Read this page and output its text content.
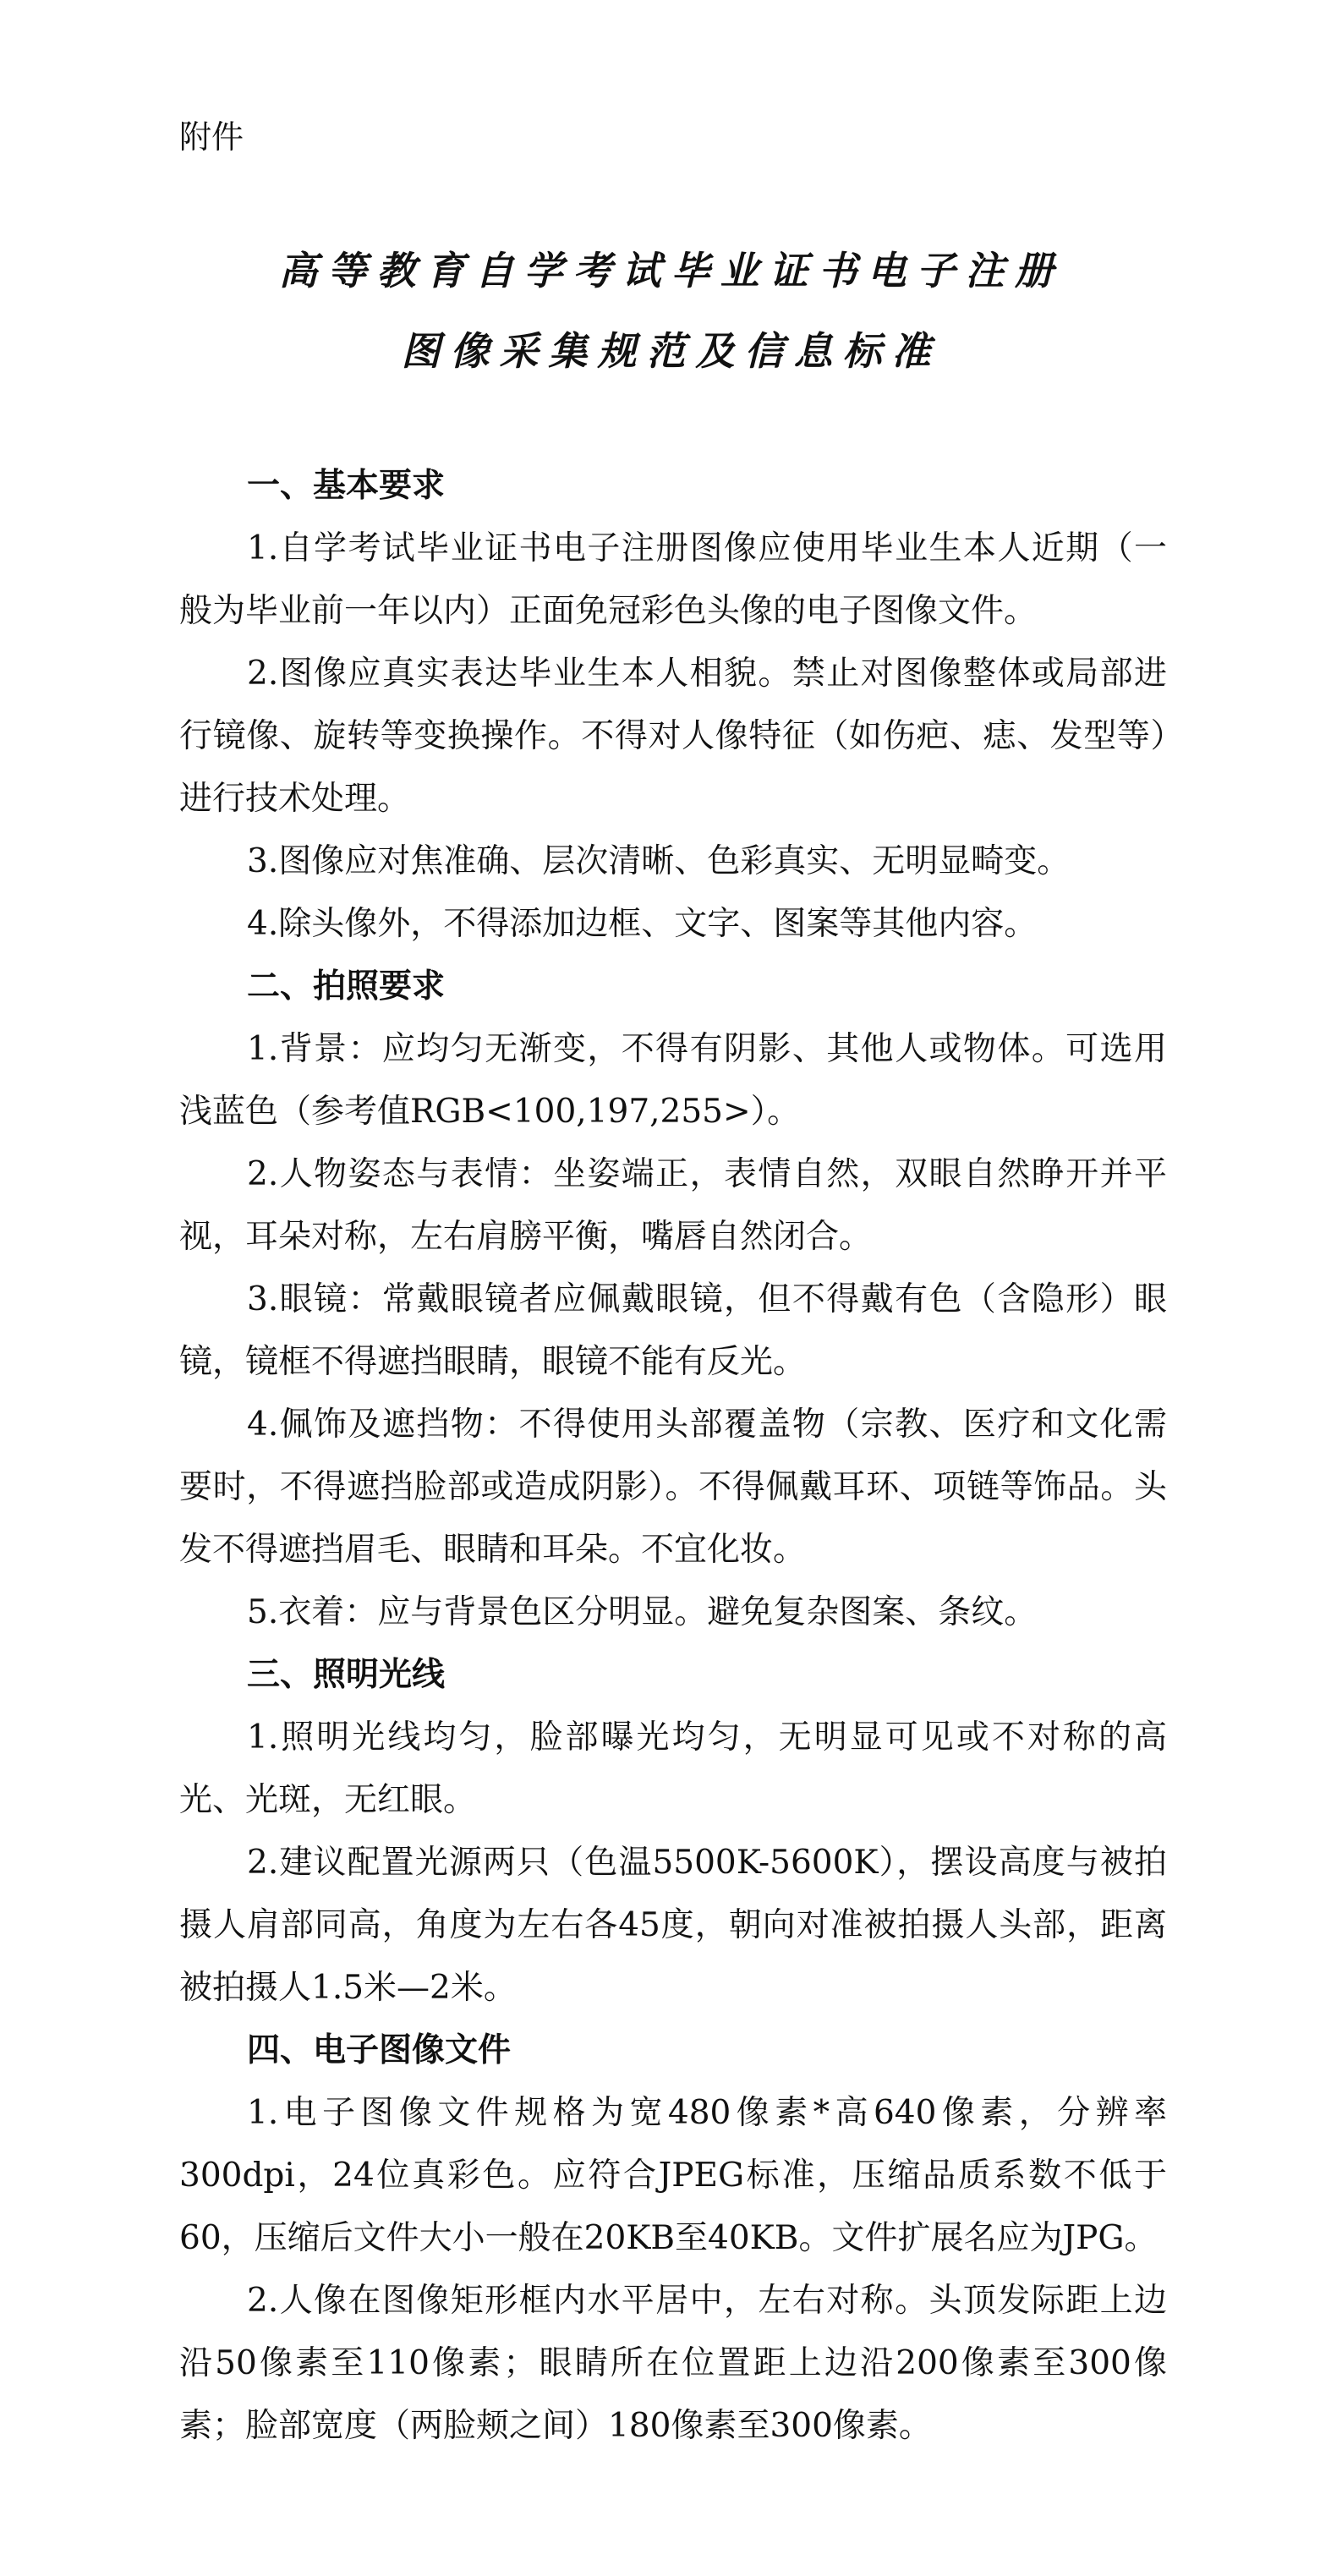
附件
高等教育自学考试毕业证书电子注册
图像采集规范及信息标准

一、基本要求

1.自学考试毕业证书电子注册图像应使用毕业生本人近期（一般为毕业前一年以内）正面免冠彩色头像的电子图像文件。

2.图像应真实表达毕业生本人相貌。禁止对图像整体或局部进行镜像、旋转等变换操作。不得对人像特征（如伤疤、痣、发型等）进行技术处理。

3.图像应对焦准确、层次清晰、色彩真实、无明显畸变。

4.除头像外，不得添加边框、文字、图案等其他内容。

二、拍照要求

1.背景：应均匀无渐变，不得有阴影、其他人或物体。可选用浅蓝色（参考值RGB<100,197,255>）。

2.人物姿态与表情：坐姿端正，表情自然，双眼自然睁开并平视，耳朵对称，左右肩膀平衡，嘴唇自然闭合。

3.眼镜：常戴眼镜者应佩戴眼镜，但不得戴有色（含隐形）眼镜，镜框不得遮挡眼睛，眼镜不能有反光。

4.佩饰及遮挡物：不得使用头部覆盖物（宗教、医疗和文化需要时，不得遮挡脸部或造成阴影）。不得佩戴耳环、项链等饰品。头发不得遮挡眉毛、眼睛和耳朵。不宜化妆。

5.衣着：应与背景色区分明显。避免复杂图案、条纹。

三、照明光线

1.照明光线均匀，脸部曝光均匀，无明显可见或不对称的高光、光斑，无红眼。

2.建议配置光源两只（色温5500K-5600K），摆设高度与被拍摄人肩部同高，角度为左右各45度，朝向对准被拍摄人头部，距离被拍摄人1.5米—2米。

四、电子图像文件

1.电子图像文件规格为宽480像素*高640像素，分辨率300dpi，24位真彩色。应符合JPEG标准，压缩品质系数不低于60，压缩后文件大小一般在20KB至40KB。文件扩展名应为JPG。

2.人像在图像矩形框内水平居中，左右对称。头顶发际距上边沿50像素至110像素；眼睛所在位置距上边沿200像素至300像素；脸部宽度（两脸颊之间）180像素至300像素。
